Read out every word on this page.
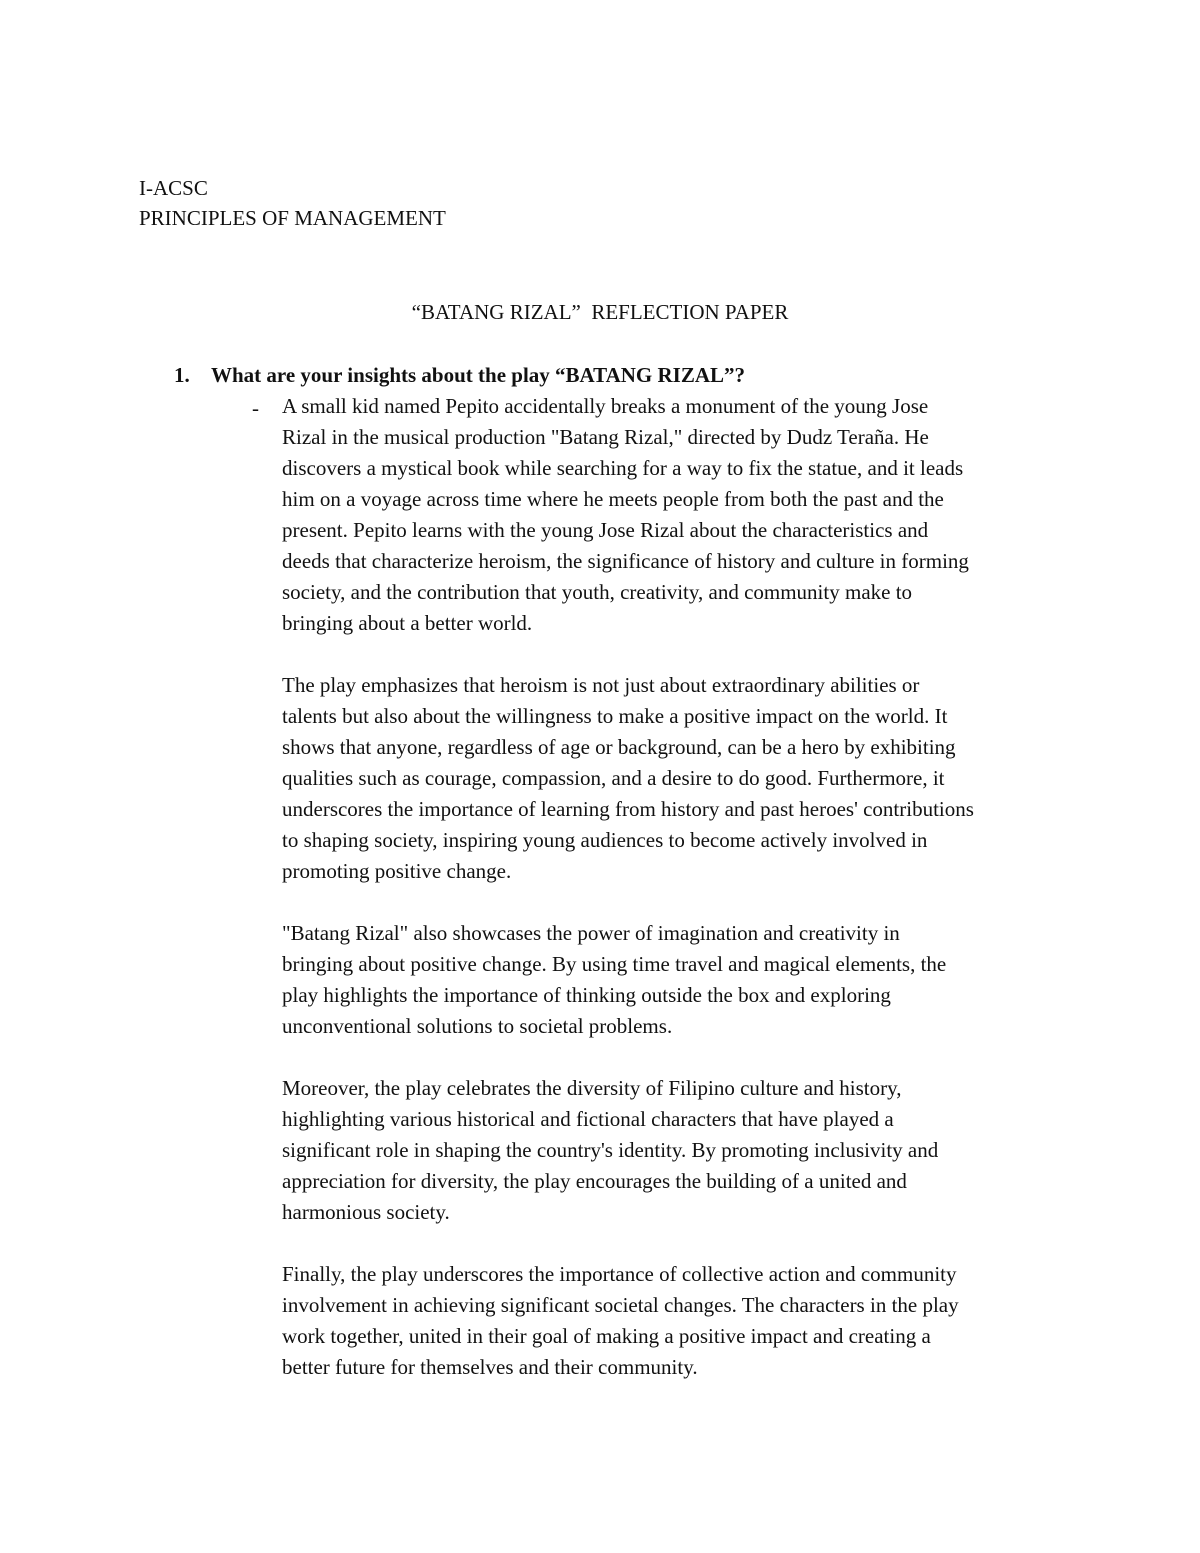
I-ACSC
PRINCIPLES OF MANAGEMENT
“BATANG RIZAL”  REFLECTION PAPER
1. What are your insights about the play “BATANG RIZAL”?
- A small kid named Pepito accidentally breaks a monument of the young Jose
Rizal in the musical production "Batang Rizal," directed by Dudz Teraña. He
discovers a mystical book while searching for a way to fix the statue, and it leads
him on a voyage across time where he meets people from both the past and the
present. Pepito learns with the young Jose Rizal about the characteristics and
deeds that characterize heroism, the significance of history and culture in forming
society, and the contribution that youth, creativity, and community make to
bringing about a better world.
The play emphasizes that heroism is not just about extraordinary abilities or
talents but also about the willingness to make a positive impact on the world. It
shows that anyone, regardless of age or background, can be a hero by exhibiting
qualities such as courage, compassion, and a desire to do good. Furthermore, it
underscores the importance of learning from history and past heroes' contributions
to shaping society, inspiring young audiences to become actively involved in
promoting positive change.
"Batang Rizal" also showcases the power of imagination and creativity in
bringing about positive change. By using time travel and magical elements, the
play highlights the importance of thinking outside the box and exploring
unconventional solutions to societal problems.
Moreover, the play celebrates the diversity of Filipino culture and history,
highlighting various historical and fictional characters that have played a
significant role in shaping the country's identity. By promoting inclusivity and
appreciation for diversity, the play encourages the building of a united and
harmonious society.
Finally, the play underscores the importance of collective action and community
involvement in achieving significant societal changes. The characters in the play
work together, united in their goal of making a positive impact and creating a
better future for themselves and their community.
